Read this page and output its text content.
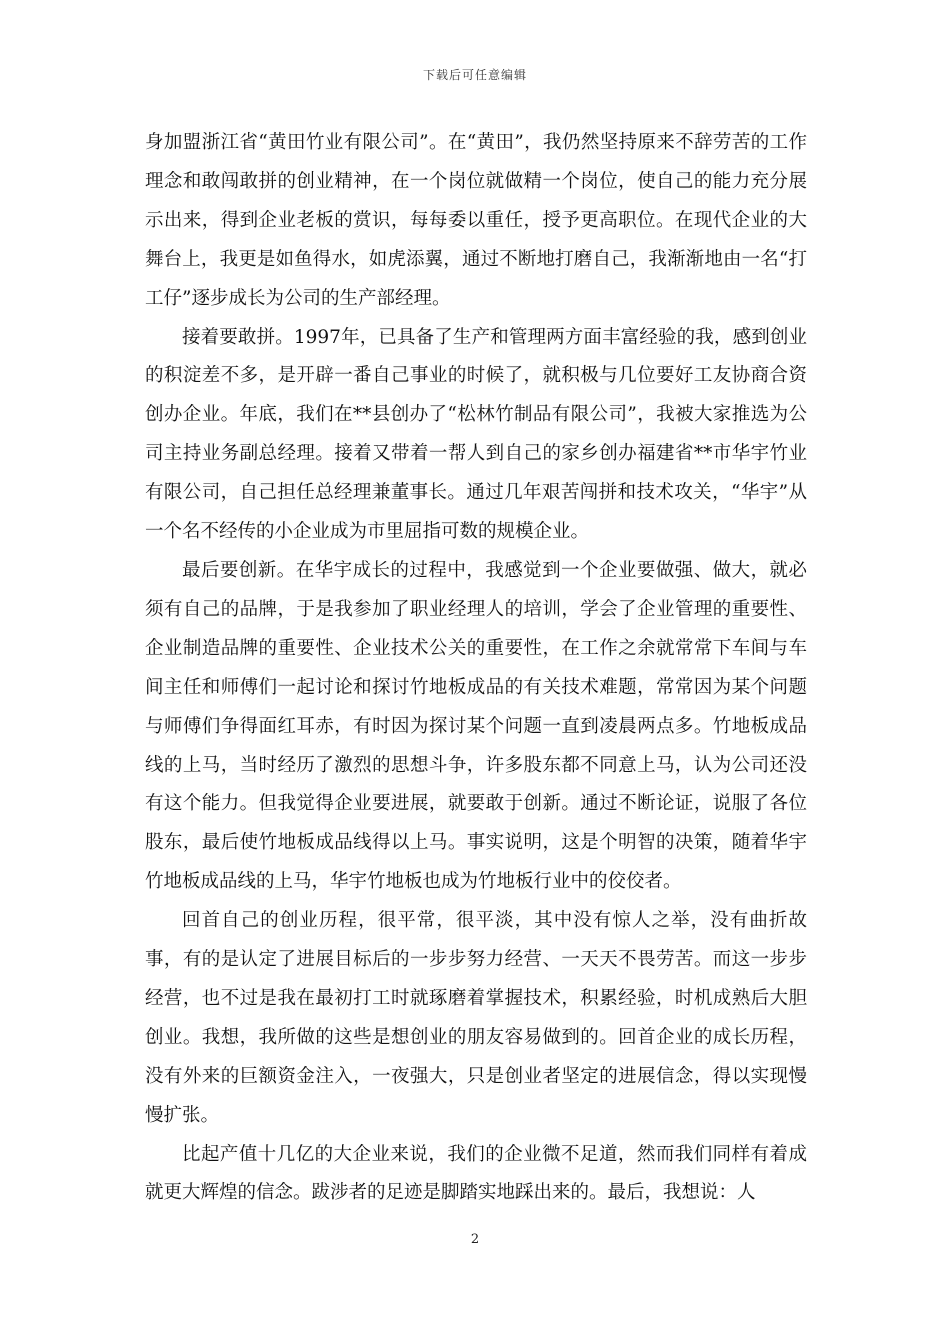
下载后可任意编辑

身加盟浙江省“黄田竹业有限公司”。在“黄田”，我仍然坚持原来不辞劳苦的工作理念和敢闯敢拼的创业精神，在一个岗位就做精一个岗位，使自己的能力充分展示出来，得到企业老板的赏识，每每委以重任，授予更高职位。在现代企业的大舞台上，我更是如鱼得水，如虎添翼，通过不断地打磨自己，我渐渐地由一名“打工仔”逐步成长为公司的生产部经理。

接着要敢拼。1997年，已具备了生产和管理两方面丰富经验的我，感到创业的积淀差不多，是开辟一番自己事业的时候了，就积极与几位要好工友协商合资创办企业。年底，我们在**县创办了“松林竹制品有限公司”，我被大家推选为公司主持业务副总经理。接着又带着一帮人到自己的家乡创办福建省**市华宇竹业有限公司，自己担任总经理兼董事长。通过几年艰苦闯拼和技术攻关，“华宇”从一个名不经传的小企业成为市里屈指可数的规模企业。

最后要创新。在华宇成长的过程中，我感觉到一个企业要做强、做大，就必须有自己的品牌，于是我参加了职业经理人的培训，学会了企业管理的重要性、企业制造品牌的重要性、企业技术公关的重要性，在工作之余就常常下车间与车间主任和师傅们一起讨论和探讨竹地板成品的有关技术难题，常常因为某个问题与师傅们争得面红耳赤，有时因为探讨某个问题一直到凌晨两点多。竹地板成品线的上马，当时经历了激烈的思想斗争，许多股东都不同意上马，认为公司还没有这个能力。但我觉得企业要进展，就要敢于创新。通过不断论证，说服了各位股东，最后使竹地板成品线得以上马。事实说明，这是个明智的决策，随着华宇竹地板成品线的上马，华宇竹地板也成为竹地板行业中的佼佼者。

回首自己的创业历程，很平常，很平淡，其中没有惊人之举，没有曲折故事，有的是认定了进展目标后的一步步努力经营、一天天不畏劳苦。而这一步步经营，也不过是我在最初打工时就琢磨着掌握技术，积累经验，时机成熟后大胆创业。我想，我所做的这些是想创业的朋友容易做到的。回首企业的成长历程，没有外来的巨额资金注入，一夜强大，只是创业者坚定的进展信念，得以实现慢慢扩张。

比起产值十几亿的大企业来说，我们的企业微不足道，然而我们同样有着成就更大辉煌的信念。跋涉者的足迹是脚踏实地踩出来的。最后，我想说：人

2
